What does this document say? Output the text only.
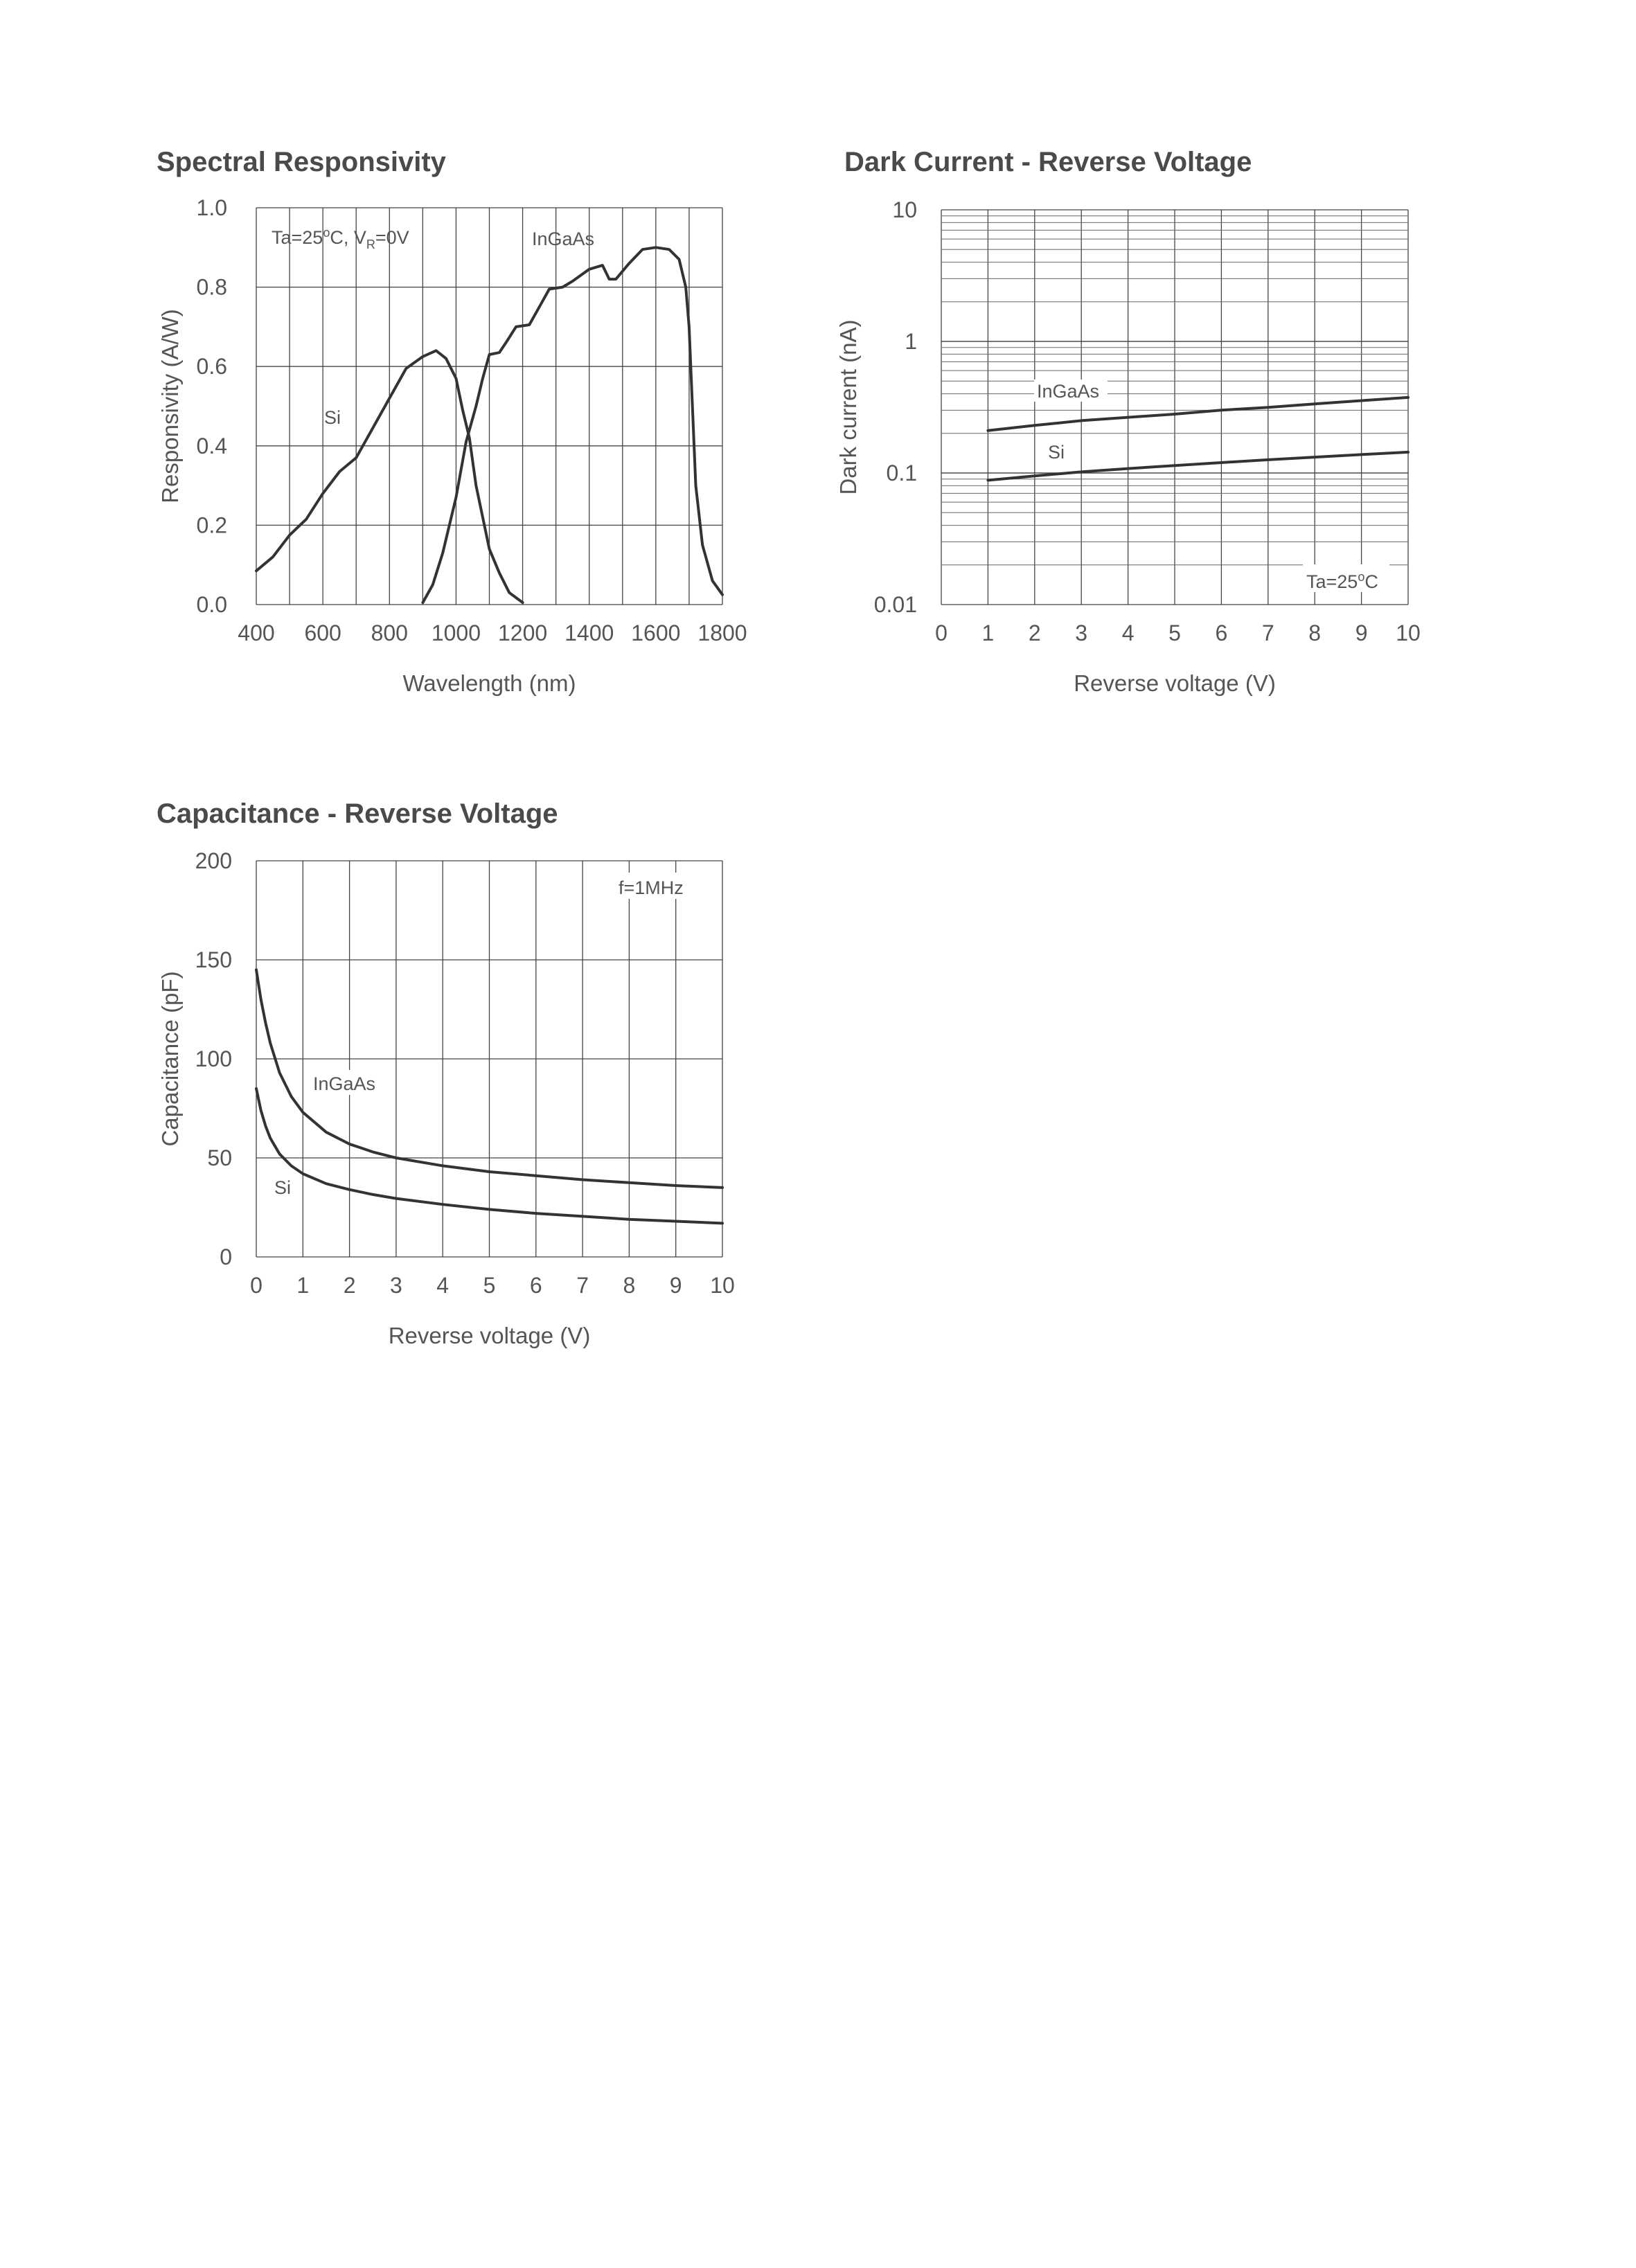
Spectral Responsivity
400 600 800 1000 1200 1400 1600 1800
0.0
0.2
0.4
0.6
0.8
1.0
Wavelength (nm)
Responsivity (A/W)
$Ta=25^oC$, $V_R=0V$	InGaAs
Si
Dark Current - Reverse Voltage
0 1 2 3 4 5 6 7 8 9 10
0.01
0.1
1
10
Reverse voltage (V)
Dark current (nA)	InGaAs
Si
$Ta=25^oC$
Capacitance - Reverse Voltage
0 1 2 3 4 5 6 7 8 9 10
0
50
100
150
200
Reverse voltage (V)
Capacitance (pF)
f=1MHz
InGaAs
Si
